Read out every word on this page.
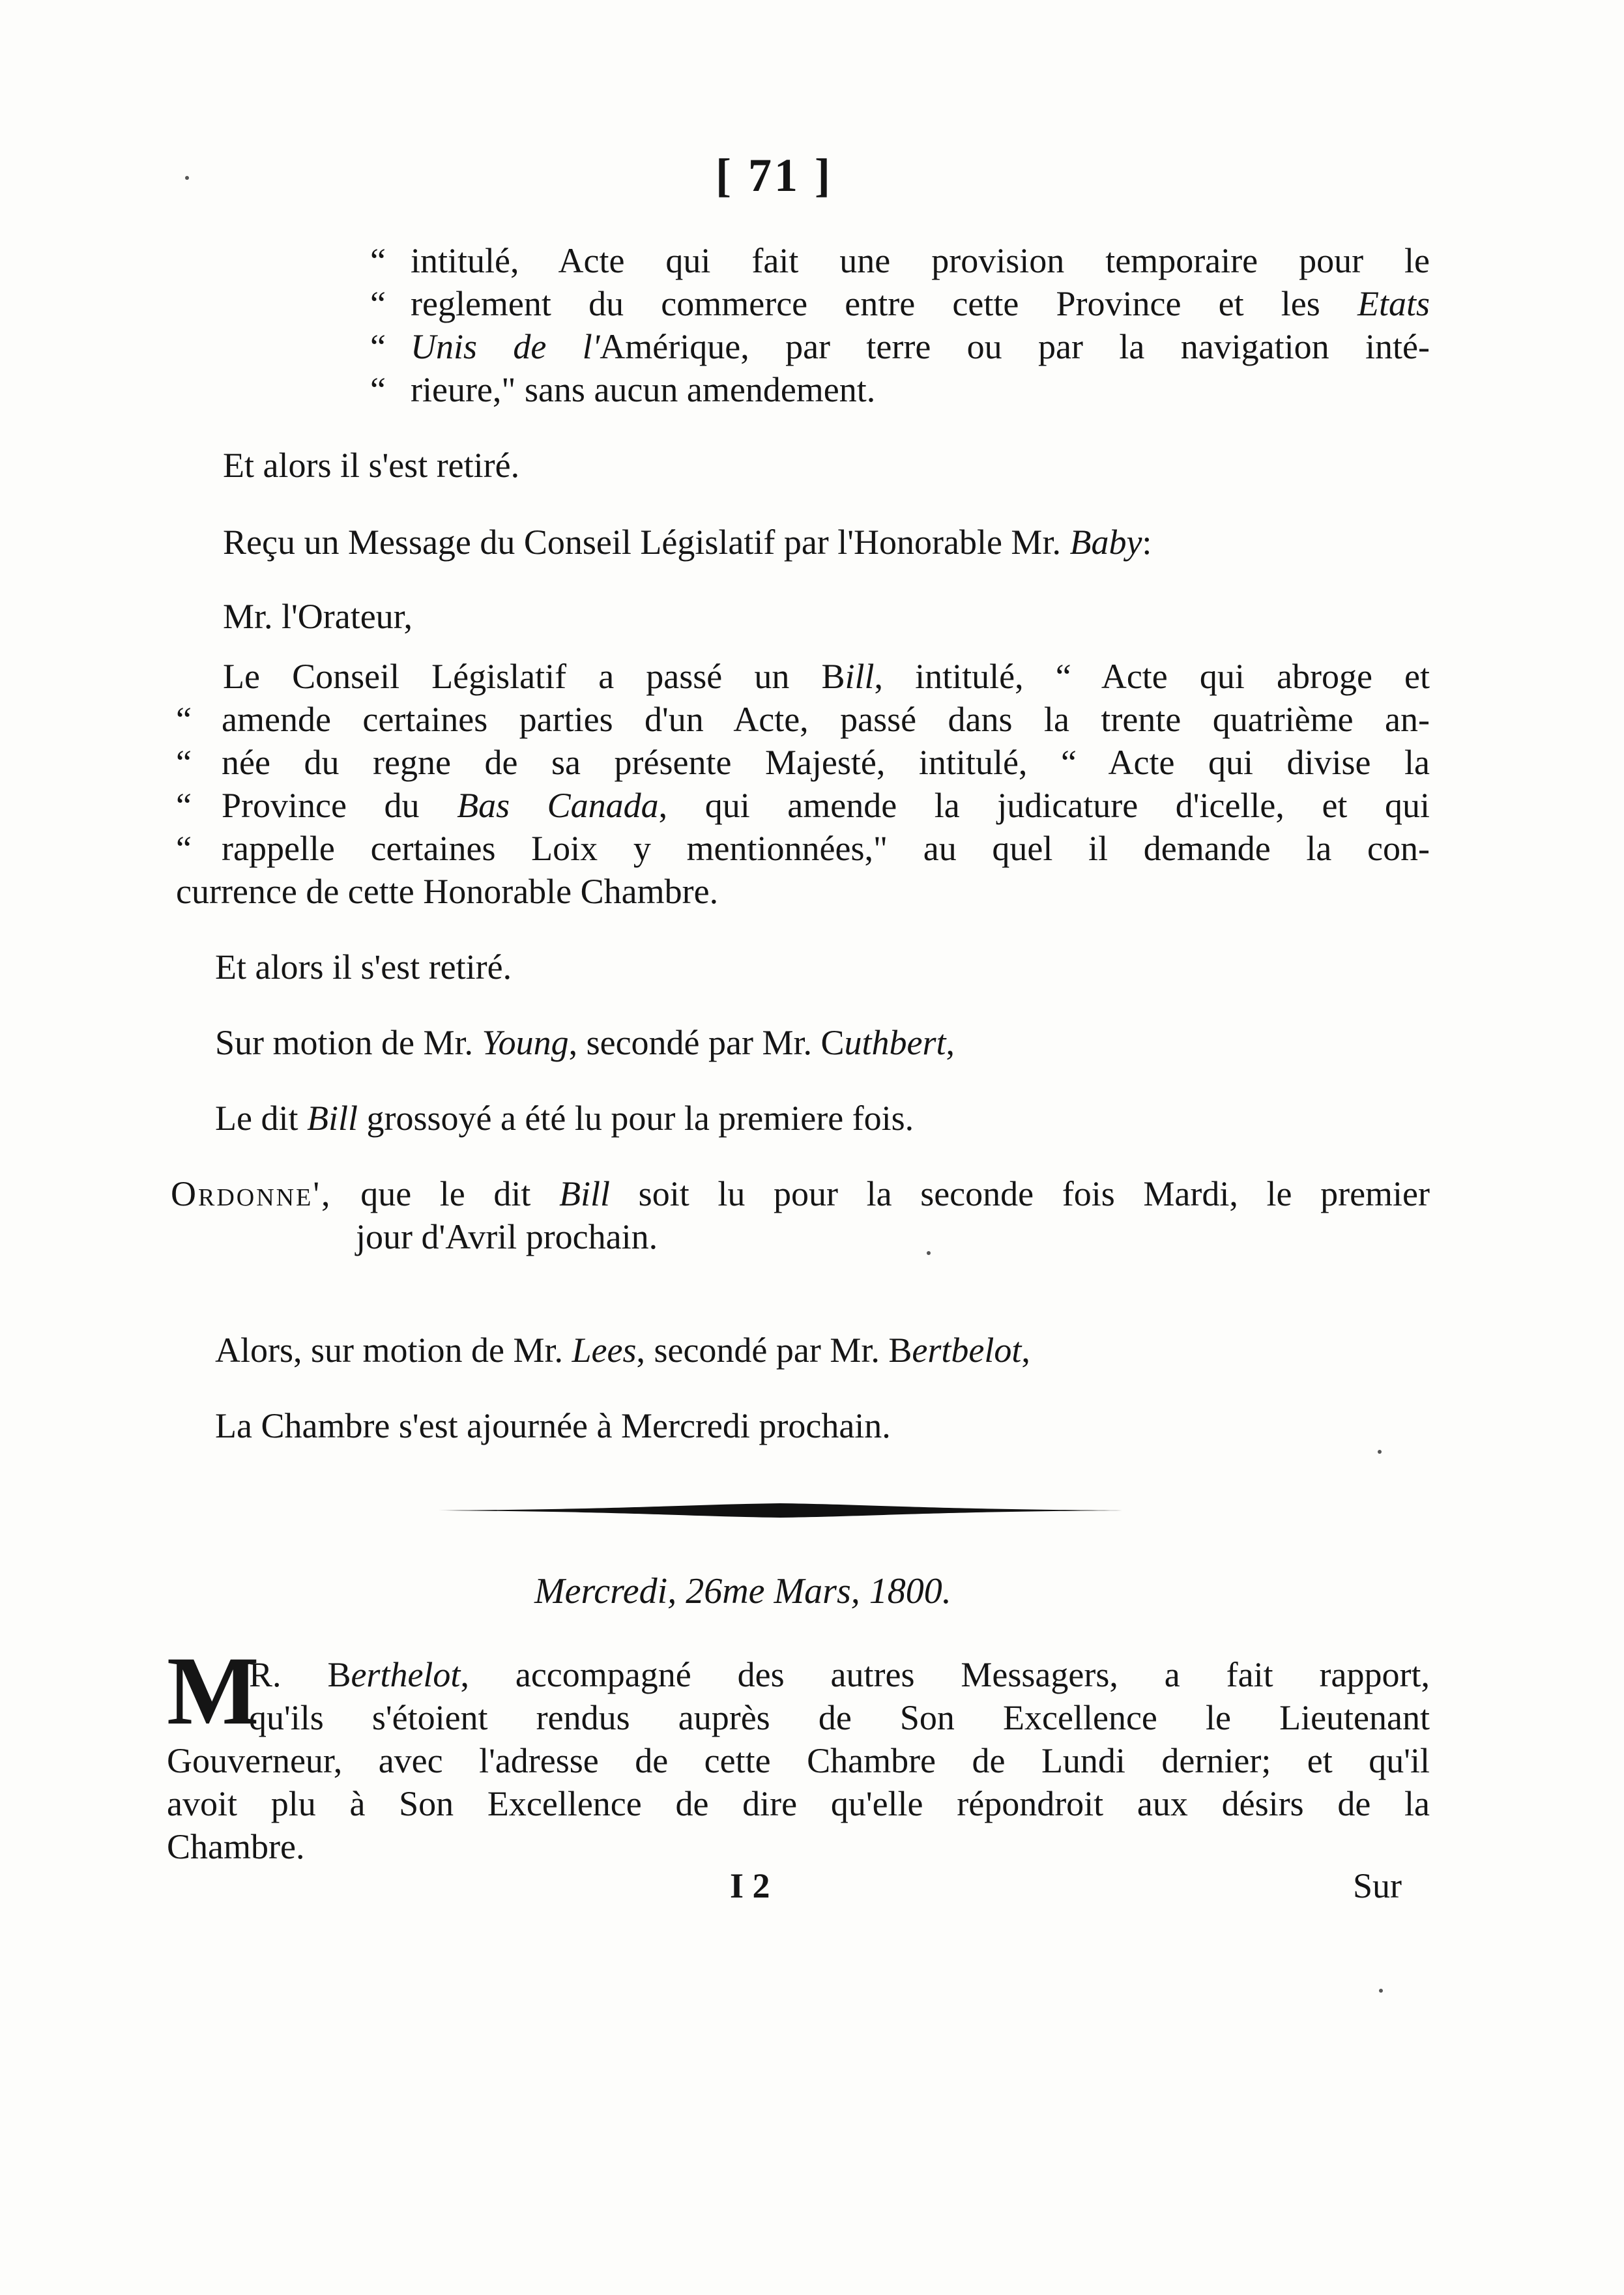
[ 71 ]
“ intitulé, Acte qui fait une provision temporaire pour le
“ reglement du commerce entre cette Province et les Etats
“ Unis de l'Amérique, par terre ou par la navigation inté-
“ rieure," sans aucun amendement.
Et alors il s'est retiré.
Reçu un Message du Conseil Législatif par l'Honorable Mr. Baby:
Mr. l'Orateur,
Le Conseil Législatif a passé un Bill, intitulé, “ Acte qui abroge et
“ amende certaines parties d'un Acte, passé dans la trente quatrième an-
“ née du regne de sa présente Majesté, intitulé, “ Acte qui divise la
“ Province du Bas Canada, qui amende la judicature d'icelle, et qui
“ rappelle certaines Loix y mentionnées," au quel il demande la con-
currence de cette Honorable Chambre.
Et alors il s'est retiré.
Sur motion de Mr. Young, secondé par Mr. Cuthbert,
Le dit Bill grossoyé a été lu pour la premiere fois.
Ordonne', que le dit Bill soit lu pour la seconde fois Mardi, le premier
jour d'Avril prochain.
Alors, sur motion de Mr. Lees, secondé par Mr. Bertbelot,
La Chambre s'est ajournée à Mercredi prochain.
Mercredi, 26me Mars, 1800.
M
R. Berthelot, accompagné des autres Messagers, a fait rapport,
qu'ils s'étoient rendus auprès de Son Excellence le Lieutenant
Gouverneur, avec l'adresse de cette Chambre de Lundi dernier; et qu'il
avoit plu à Son Excellence de dire qu'elle répondroit aux désirs de la
Chambre.
I 2	Sur
